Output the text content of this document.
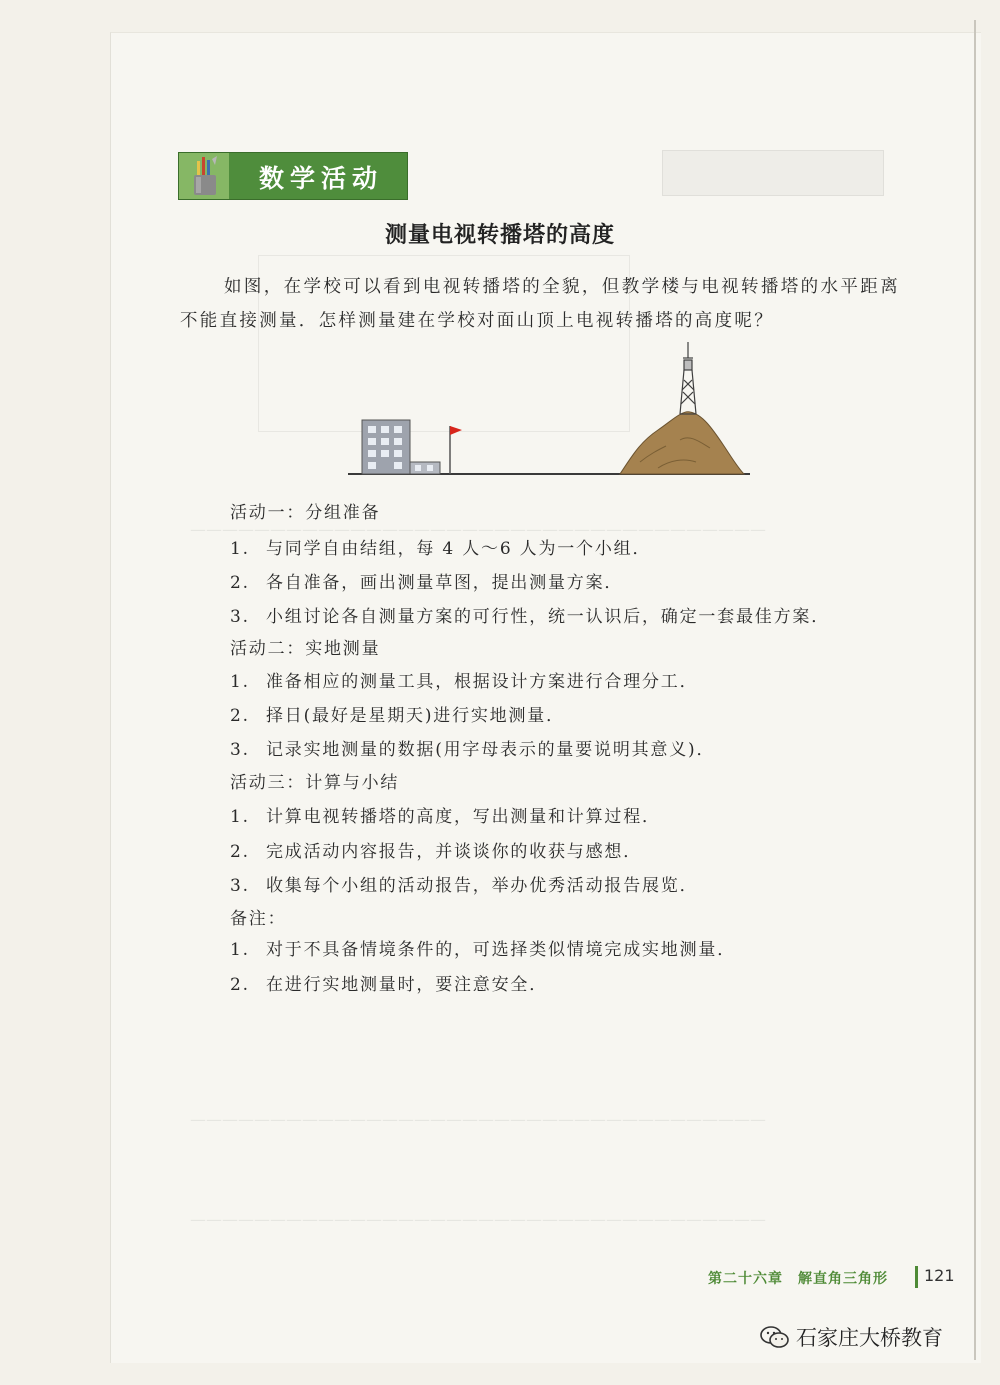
————————————————————————————————————
————————————————————————————————————
————————————————————————————————————
数学活动
测量电视转播塔的高度
如图，在学校可以看到电视转播塔的全貌，但教学楼与电视转播塔的水平距离不能直接测量．怎样测量建在学校对面山顶上电视转播塔的高度呢？
活动一：分组准备
1. 与同学自由结组，每 4 人～6 人为一个小组．
2. 各自准备，画出测量草图，提出测量方案．
3. 小组讨论各自测量方案的可行性，统一认识后，确定一套最佳方案．
活动二：实地测量
1. 准备相应的测量工具，根据设计方案进行合理分工．
2. 择日(最好是星期天)进行实地测量．
3. 记录实地测量的数据(用字母表示的量要说明其意义)．
活动三：计算与小结
1. 计算电视转播塔的高度，写出测量和计算过程．
2. 完成活动内容报告，并谈谈你的收获与感想．
3. 收集每个小组的活动报告，举办优秀活动报告展览．
备注：
1. 对于不具备情境条件的，可选择类似情境完成实地测量．
2. 在进行实地测量时，要注意安全．
第二十六章　解直角三角形 121
石家庄大桥教育
